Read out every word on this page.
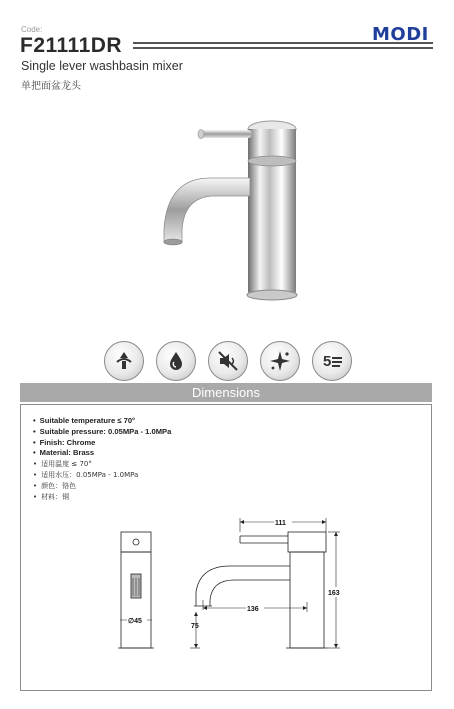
Code:
F21111DR	MODI
Single lever washbasin mixer
单把面盆龙头
5
Dimensions
• Suitable temperature ≤ 70°
• Suitable pressure: 0.05MPa - 1.0MPa
• Finish: Chrome
• Material: Brass
• 适用温度 ≤ 70°
• 适用水压：0.05MPa - 1.0MPa
• 颜色：铬色
• 材料：铜
111
136
163
75
∅45
